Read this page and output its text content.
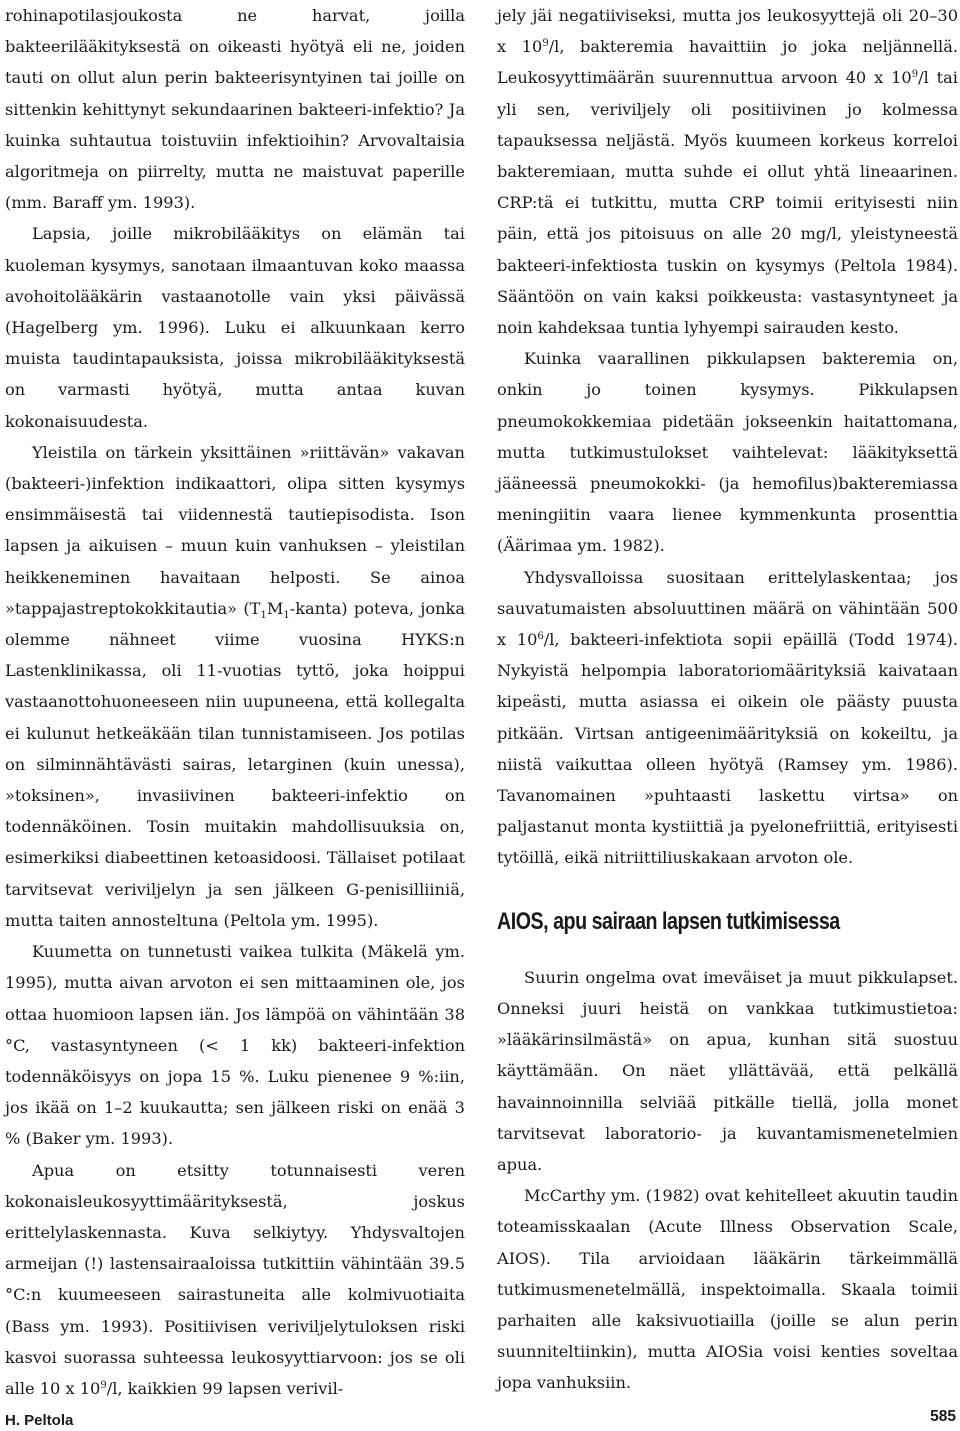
rohinapotilasjoukosta ne harvat, joilla bakteerilääkityksestä on oikeasti hyötyä eli ne, joiden tauti on ollut alun perin bakteerisyntyinen tai joille on sittenkin kehittynyt sekundaarinen bakteeri-infektio? Ja kuinka suhtautua toistuviin infektioihin? Arvovaltaisia algoritmeja on piirrelty, mutta ne maistuvat paperille (mm. Baraff ym. 1993).

Lapsia, joille mikrobilääkitys on elämän tai kuoleman kysymys, sanotaan ilmaantuvan koko maassa avohoitolääkärin vastaanotolle vain yksi päivässä (Hagelberg ym. 1996). Luku ei alkuunkaan kerro muista taudintapauksista, joissa mikrobilääkityksestä on varmasti hyötyä, mutta antaa kuvan kokonaisuudesta.

Yleistila on tärkein yksittäinen »riittävän» vakavan (bakteeri-)infektion indikaattori, olipa sitten kysymys ensimmäisestä tai viidennestä tautiepisodista. Ison lapsen ja aikuisen – muun kuin vanhuksen – yleistilan heikkeneminen havaitaan helposti. Se ainoa »tappajastreptokokkitautia» $(T_1M_1-kanta)$ poteva, jonka olemme nähneet viime vuosina HYKS:n Lastenklinikassa, oli 11-vuotias tyttö, joka hoippui vastaanottohuoneeseen niin uupuneena, että kollegalta ei kulunut hetkeäkään tilan tunnistamiseen. Jos potilas on silminnähtävästi sairas, letarginen (kuin unessa), »toksinen», invasiivinen bakteeri-infektio on todennäköinen. Tosin muitakin mahdollisuuksia on, esimerkiksi diabeettinen ketoasidoosi. Tällaiset potilaat tarvitsevat veriviljelyn ja sen jälkeen G-penisilliiniä, mutta taiten annosteltuna (Peltola ym. 1995).

Kuumetta on tunnetusti vaikea tulkita (Mäkelä ym. 1995), mutta aivan arvoton ei sen mittaaminen ole, jos ottaa huomioon lapsen iän. Jos lämpöä on vähintään 38 °C, vastasyntyneen (< 1 kk) bakteeri-infektion todennäköisyys on jopa 15 %. Luku pienenee 9 %:iin, jos ikää on 1–2 kuukautta; sen jälkeen riski on enää 3 % (Baker ym. 1993).

Apua on etsitty totunnaisesti veren kokonaisleukosyyttimäärityksestä, joskus erittelylaskennasta. Kuva selkiytyy. Yhdysvaltojen armeijan (!) lastensairaaloissa tutkittiin vähintään 39.5 °C:n kuumeeseen sairastuneita alle kolmivuotiaita (Bass ym. 1993). Positiivisen veriviljelytuloksen riski kasvoi suorassa suhteessa leukosyyttiarvoon: jos se oli alle 10 x $10^9/l$, kaikkien 99 lapsen verivil-

jely jäi negatiiviseksi, mutta jos leukosyyttejä oli 20–30 x $10^9/l$, bakteremia havaittiin jo joka neljännellä. Leukosyyttimäärän suurennuttua arvoon 40 x $10^9/l$ tai yli sen, veriviljely oli positiivinen jo kolmessa tapauksessa neljästä. Myös kuumeen korkeus korreloi bakteremiaan, mutta suhde ei ollut yhtä lineaarinen. CRP:tä ei tutkittu, mutta CRP toimii erityisesti niin päin, että jos pitoisuus on alle 20 mg/l, yleistyneestä bakteeri-infektiosta tuskin on kysymys (Peltola 1984). Sääntöön on vain kaksi poikkeusta: vastasyntyneet ja noin kahdeksaa tuntia lyhyempi sairauden kesto.

Kuinka vaarallinen pikkulapsen bakteremia on, onkin jo toinen kysymys. Pikkulapsen pneumokokkemiaa pidetään jokseenkin haitattomana, mutta tutkimustulokset vaihtelevat: lääkityksettä jääneessä pneumokokki- (ja hemofilus)bakteremiassa meningiitin vaara lienee kymmenkunta prosenttia (Äärimaa ym. 1982).

Yhdysvalloissa suositaan erittelylaskentaa; jos sauvatumaisten absoluuttinen määrä on vähintään 500 x $10^6/l$, bakteeri-infektiota sopii epäillä (Todd 1974). Nykyistä helpompia laboratoriomäärityksiä kaivataan kipeästi, mutta asiassa ei oikein ole päästy puusta pitkään. Virtsan antigeenimäärityksiä on kokeiltu, ja niistä vaikuttaa olleen hyötyä (Ramsey ym. 1986). Tavanomainen »puhtaasti laskettu virtsa» on paljastanut monta kystiittiä ja pyelonefriittiä, erityisesti tytöillä, eikä nitriittiliuskakaan arvoton ole.

AIOS, apu sairaan lapsen tutkimisessa

Suurin ongelma ovat imeväiset ja muut pikkulapset. Onneksi juuri heistä on vankkaa tutkimustietoa: »lääkärinsilmästä» on apua, kunhan sitä suostuu käyttämään. On näet yllättävää, että pelkällä havainnoinnilla selviää pitkälle tiellä, jolla monet tarvitsevat laboratorio- ja kuvantamismenetelmien apua.

McCarthy ym. (1982) ovat kehitelleet akuutin taudin toteamisskaalan (Acute Illness Observation Scale, AIOS). Tila arvioidaan lääkärin tärkeimmällä tutkimusmenetelmällä, inspektoimalla. Skaala toimii parhaiten alle kaksivuotiailla (joille se alun perin suunniteltiinkin), mutta AIOSia voisi kenties soveltaa jopa vanhuksiin.

H. Peltola	585
